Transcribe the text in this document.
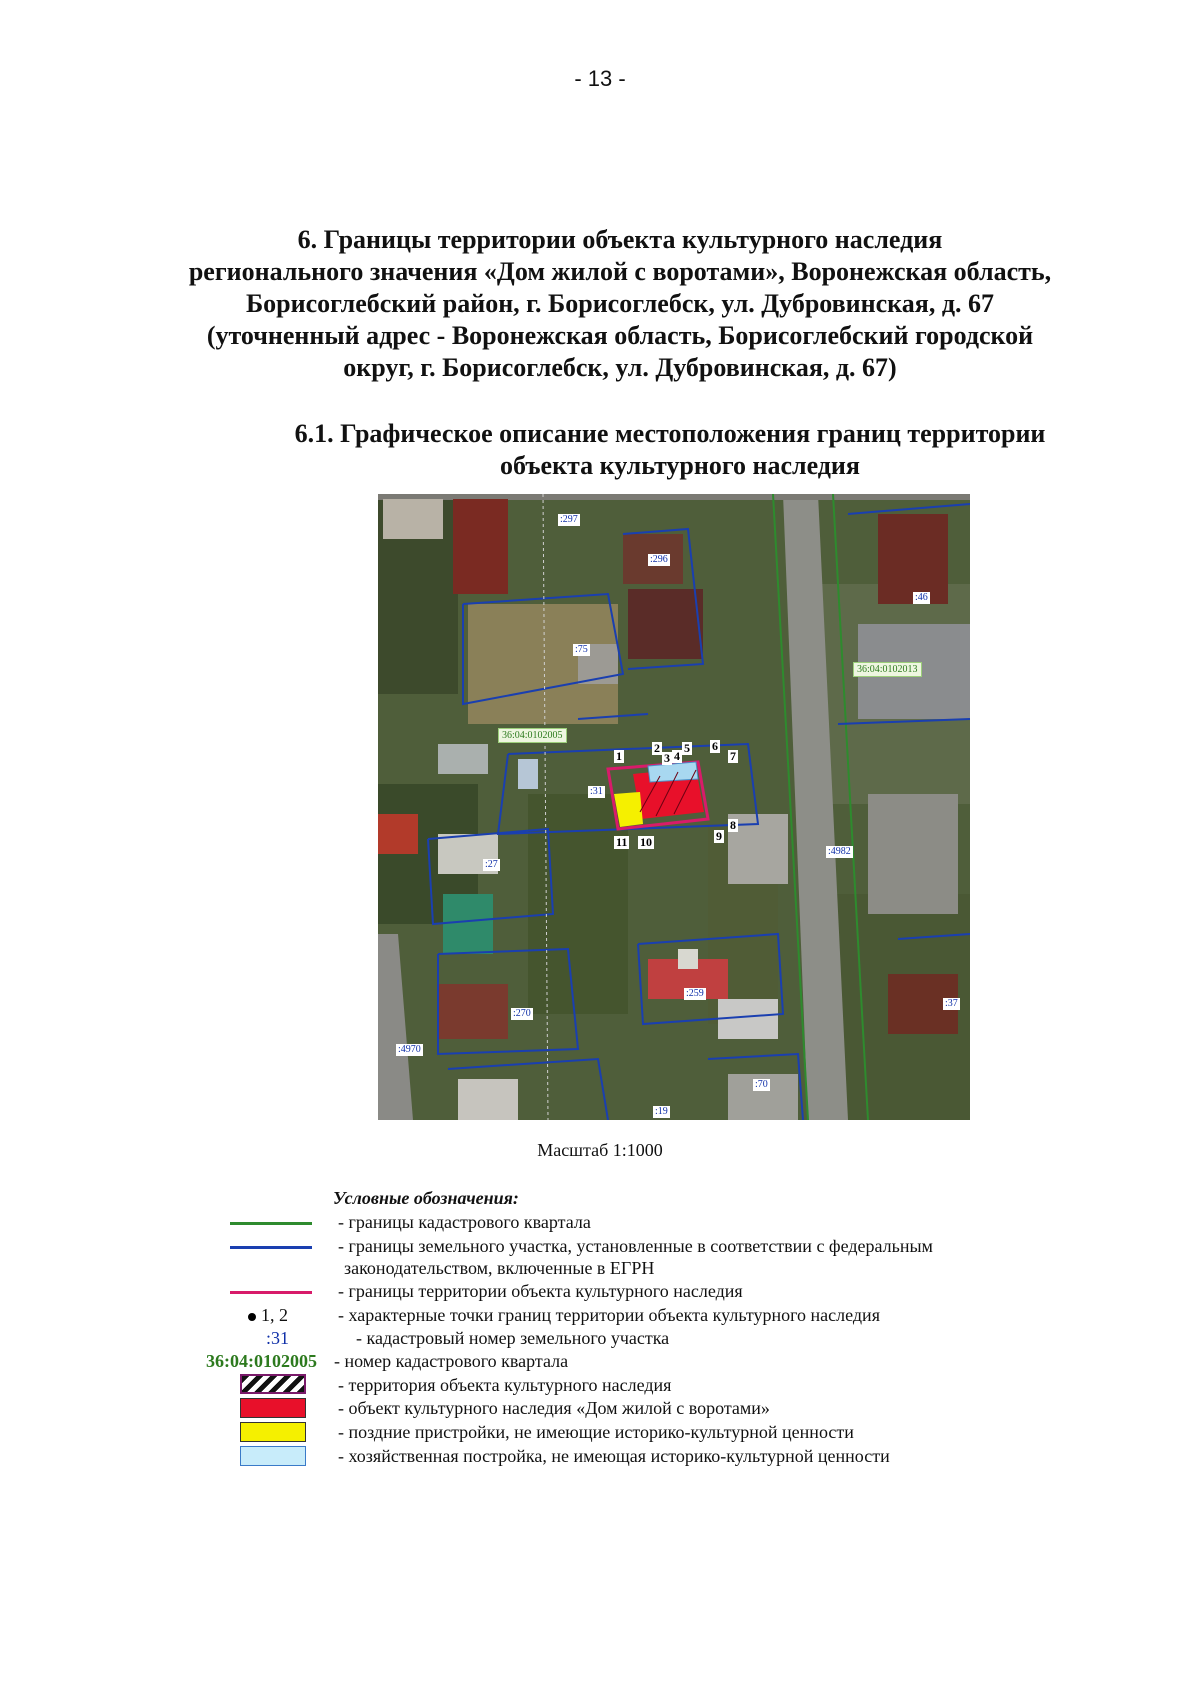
- 13 -
6. Границы территории объекта культурного наследия
регионального значения «Дом жилой с воротами», Воронежская область,
Борисоглебский район, г. Борисоглебск, ул. Дубровинская, д. 67
(уточненный адрес - Воронежская область, Борисоглебский городской
округ, г. Борисоглебск, ул. Дубровинская, д. 67)
6.1. Графическое описание местоположения границ территории
объекта культурного наследия
:297
:296
:46
:75
:31
:27
:4982
:259
:37
:270
:4970
:70
:19
36:04:0102013
36:04:0102005
1
2
3 4
5 6
7
8
9
10
11
Масштаб 1:1000
Условные обозначения:
- границы кадастрового квартала
- границы земельного участка, установленные в соответствии с федеральным
законодательством, включенные в ЕГРН
- границы территории объекта культурного наследия
1, 2	- характерные точки границ территории объекта культурного наследия
:31	- кадастровый номер земельного участка
36:04:0102005 - номер кадастрового квартала
- территория объекта культурного наследия
- объект культурного наследия «Дом жилой с воротами»
- поздние пристройки, не имеющие историко-культурной ценности
- хозяйственная постройка, не имеющая историко-культурной ценности
